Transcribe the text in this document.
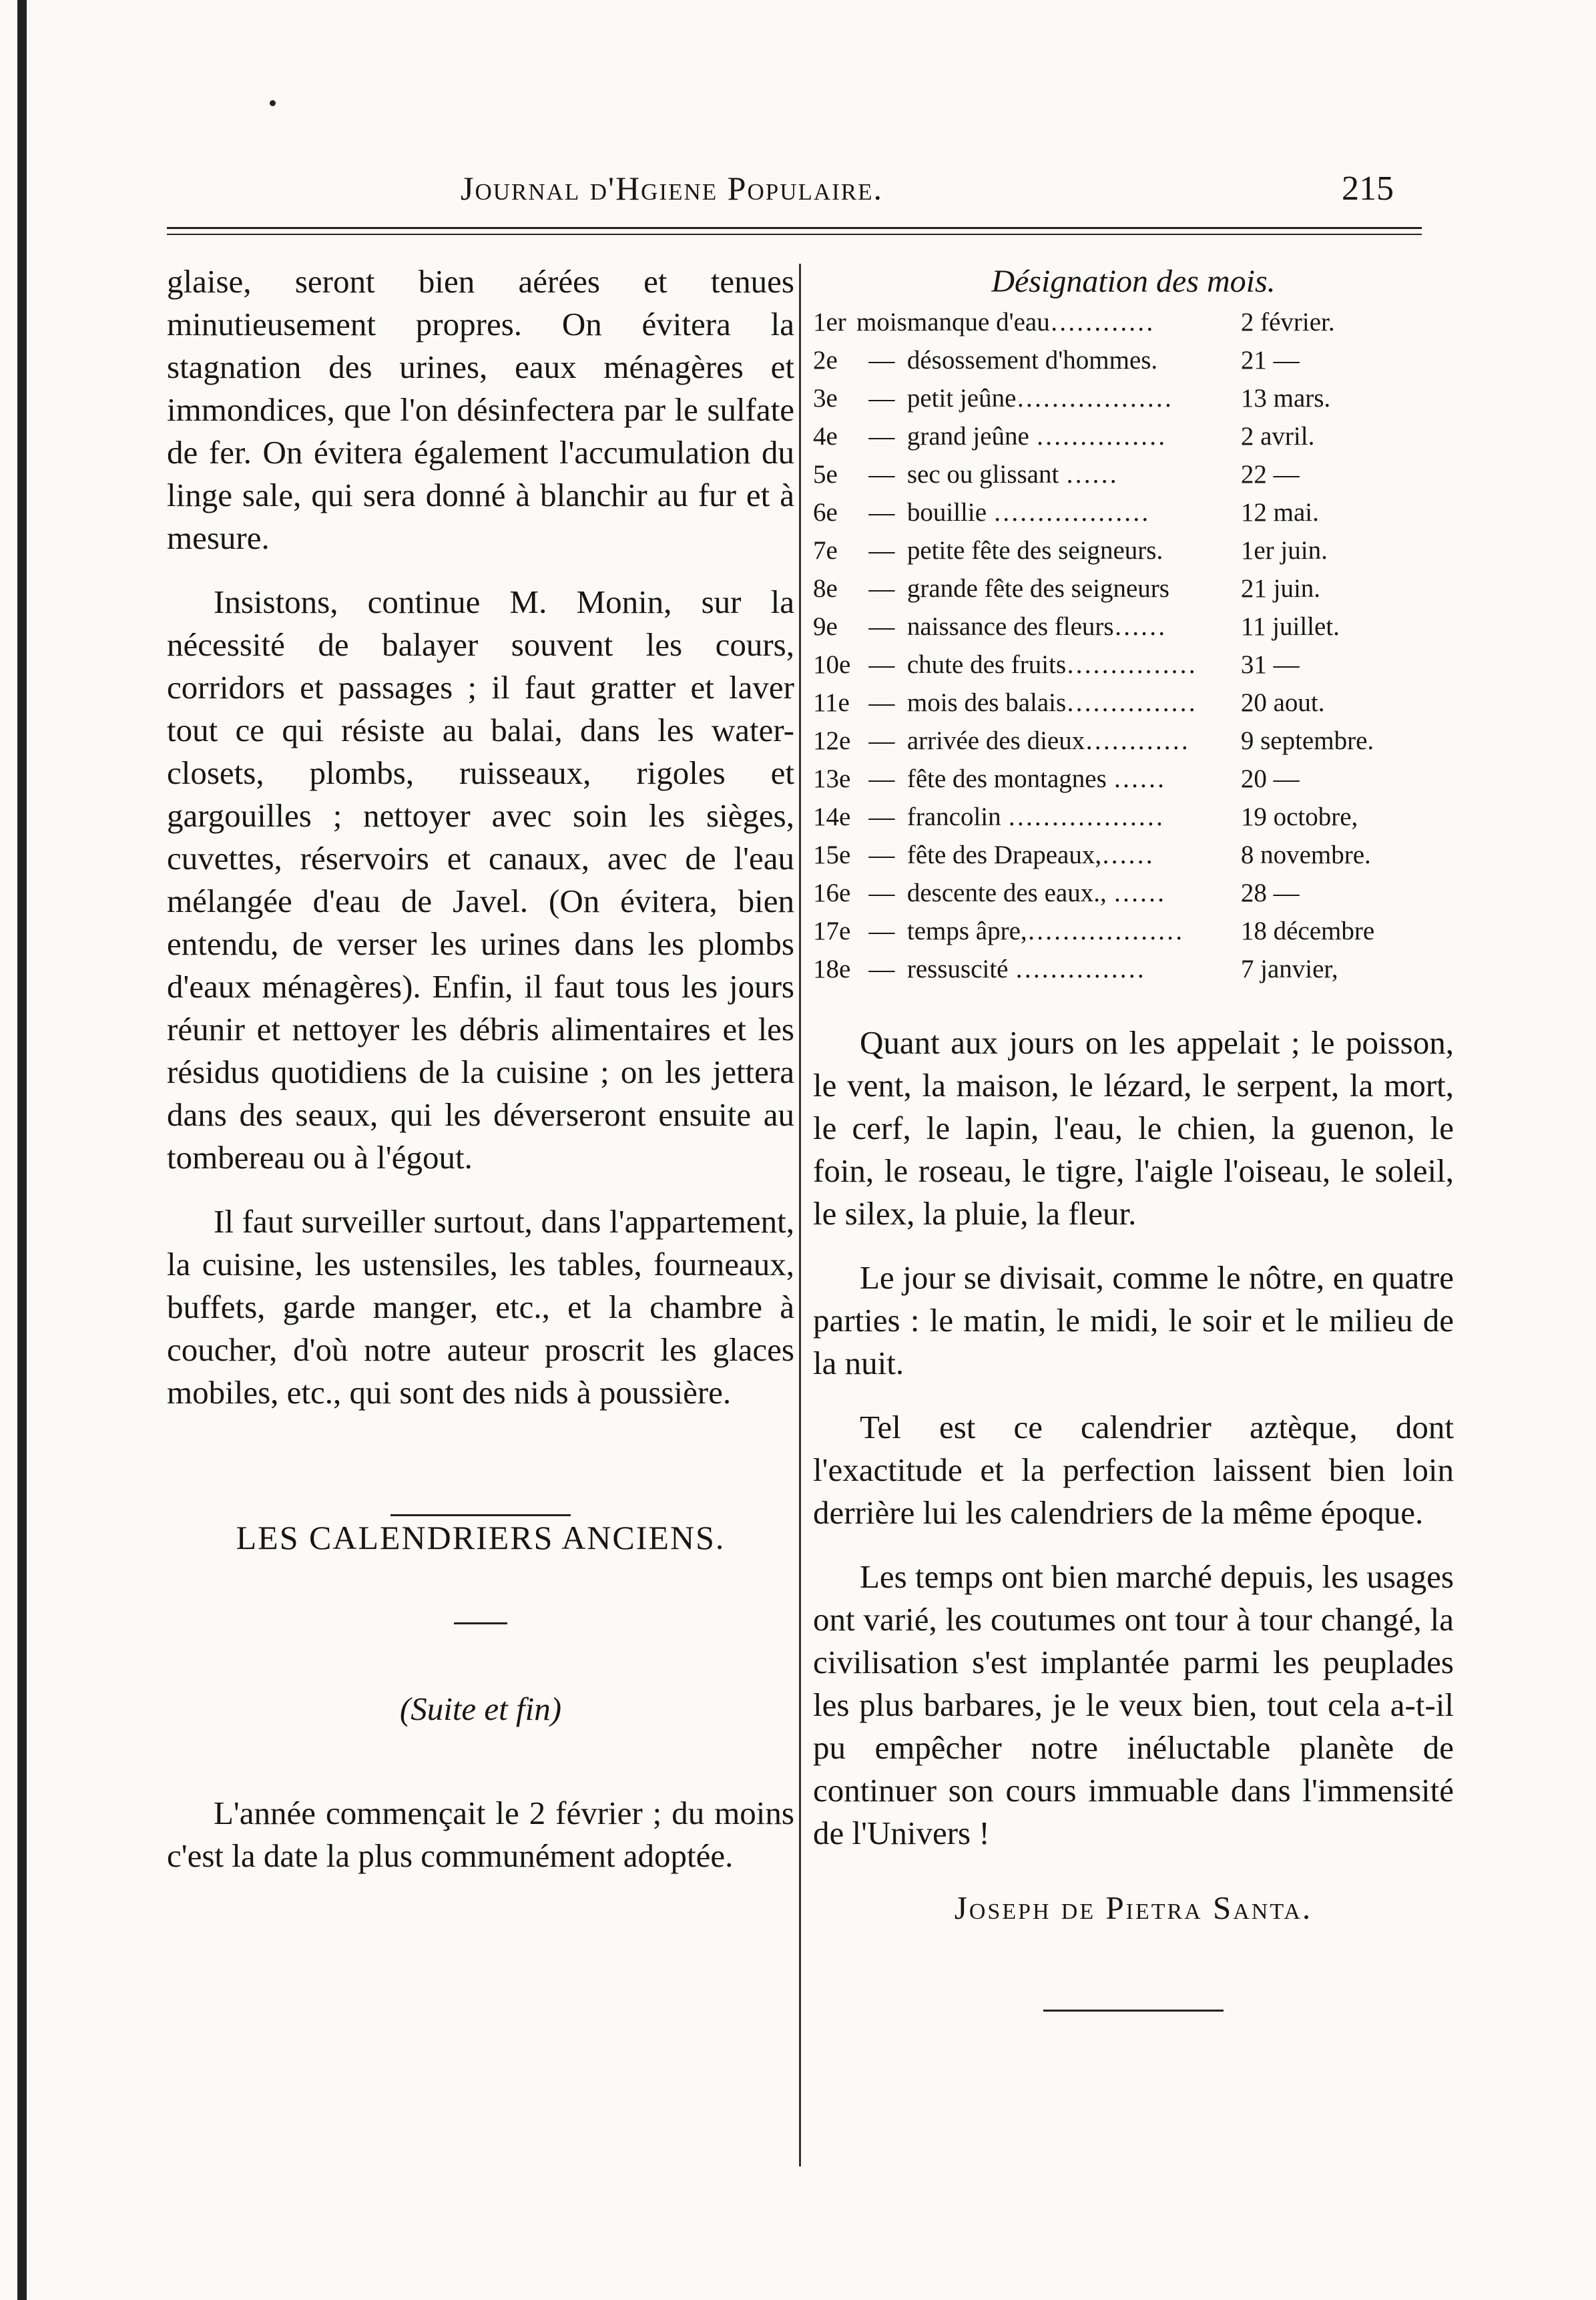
Journal d'Hgiene Populaire.	215

glaise, seront bien aérées et tenues minutieusement propres. On évitera la stagnation des urines, eaux ménagères et immondices, que l'on désinfectera par le sulfate de fer. On évitera également l'accumulation du linge sale, qui sera donné à blanchir au fur et à mesure.

Insistons, continue M. Monin, sur la nécessité de balayer souvent les cours, corridors et passages ; il faut gratter et laver tout ce qui résiste au balai, dans les water-closets, plombs, ruisseaux, rigoles et gargouilles ; nettoyer avec soin les sièges, cuvettes, réservoirs et canaux, avec de l'eau mélangée d'eau de Javel. (On évitera, bien entendu, de verser les urines dans les plombs d'eaux ménagères). Enfin, il faut tous les jours réunir et nettoyer les débris alimentaires et les résidus quotidiens de la cuisine ; on les jettera dans des seaux, qui les déverseront ensuite au tombereau ou à l'égout.

Il faut surveiller surtout, dans l'appartement, la cuisine, les ustensiles, les tables, fourneaux, buffets, garde manger, etc., et la chambre à coucher, d'où notre auteur proscrit les glaces mobiles, etc., qui sont des nids à poussière.

LES CALENDRIERS ANCIENS.

(Suite et fin)

L'année commençait le 2 février ; du moins c'est la date la plus communément adoptée.

Désignation des mois.

1er	mois	manque d'eau…………	2 février.
2e	—	désossement d'hommes.	21 —
3e	—	petit jeûne………………	13 mars.
4e	—	grand jeûne ……………	2 avril.
5e	—	sec ou glissant ……	22 —
6e	—	bouillie ………………	12 mai.
7e	—	petite fête des seigneurs.	1er juin.
8e	—	grande fête des seigneurs	21 juin.
9e	—	naissance des fleurs……	11 juillet.
10e	—	chute des fruits……………	31 —
11e	—	mois des balais……………	20 aout.
12e	—	arrivée des dieux…………	9 septembre.
13e	—	fête des montagnes ……	20 —
14e	—	francolin ………………	19 octobre,
15e	—	fête des Drapeaux,……	8 novembre.
16e	—	descente des eaux., ……	28 —
17e	—	temps âpre,………………	18 décembre
18e	—	ressuscité ……………	7 janvier,

Quant aux jours on les appelait ; le poisson, le vent, la maison, le lézard, le serpent, la mort, le cerf, le lapin, l'eau, le chien, la guenon, le foin, le roseau, le tigre, l'aigle l'oiseau, le soleil, le silex, la pluie, la fleur.

Le jour se divisait, comme le nôtre, en quatre parties : le matin, le midi, le soir et le milieu de la nuit.

Tel est ce calendrier aztèque, dont l'exactitude et la perfection laissent bien loin derrière lui les calendriers de la même époque.

Les temps ont bien marché depuis, les usages ont varié, les coutumes ont tour à tour changé, la civilisation s'est implantée parmi les peuplades les plus barbares, je le veux bien, tout cela a-t-il pu empêcher notre inéluctable planète de continuer son cours immuable dans l'immensité de l'Univers !

Joseph de Pietra Santa.
